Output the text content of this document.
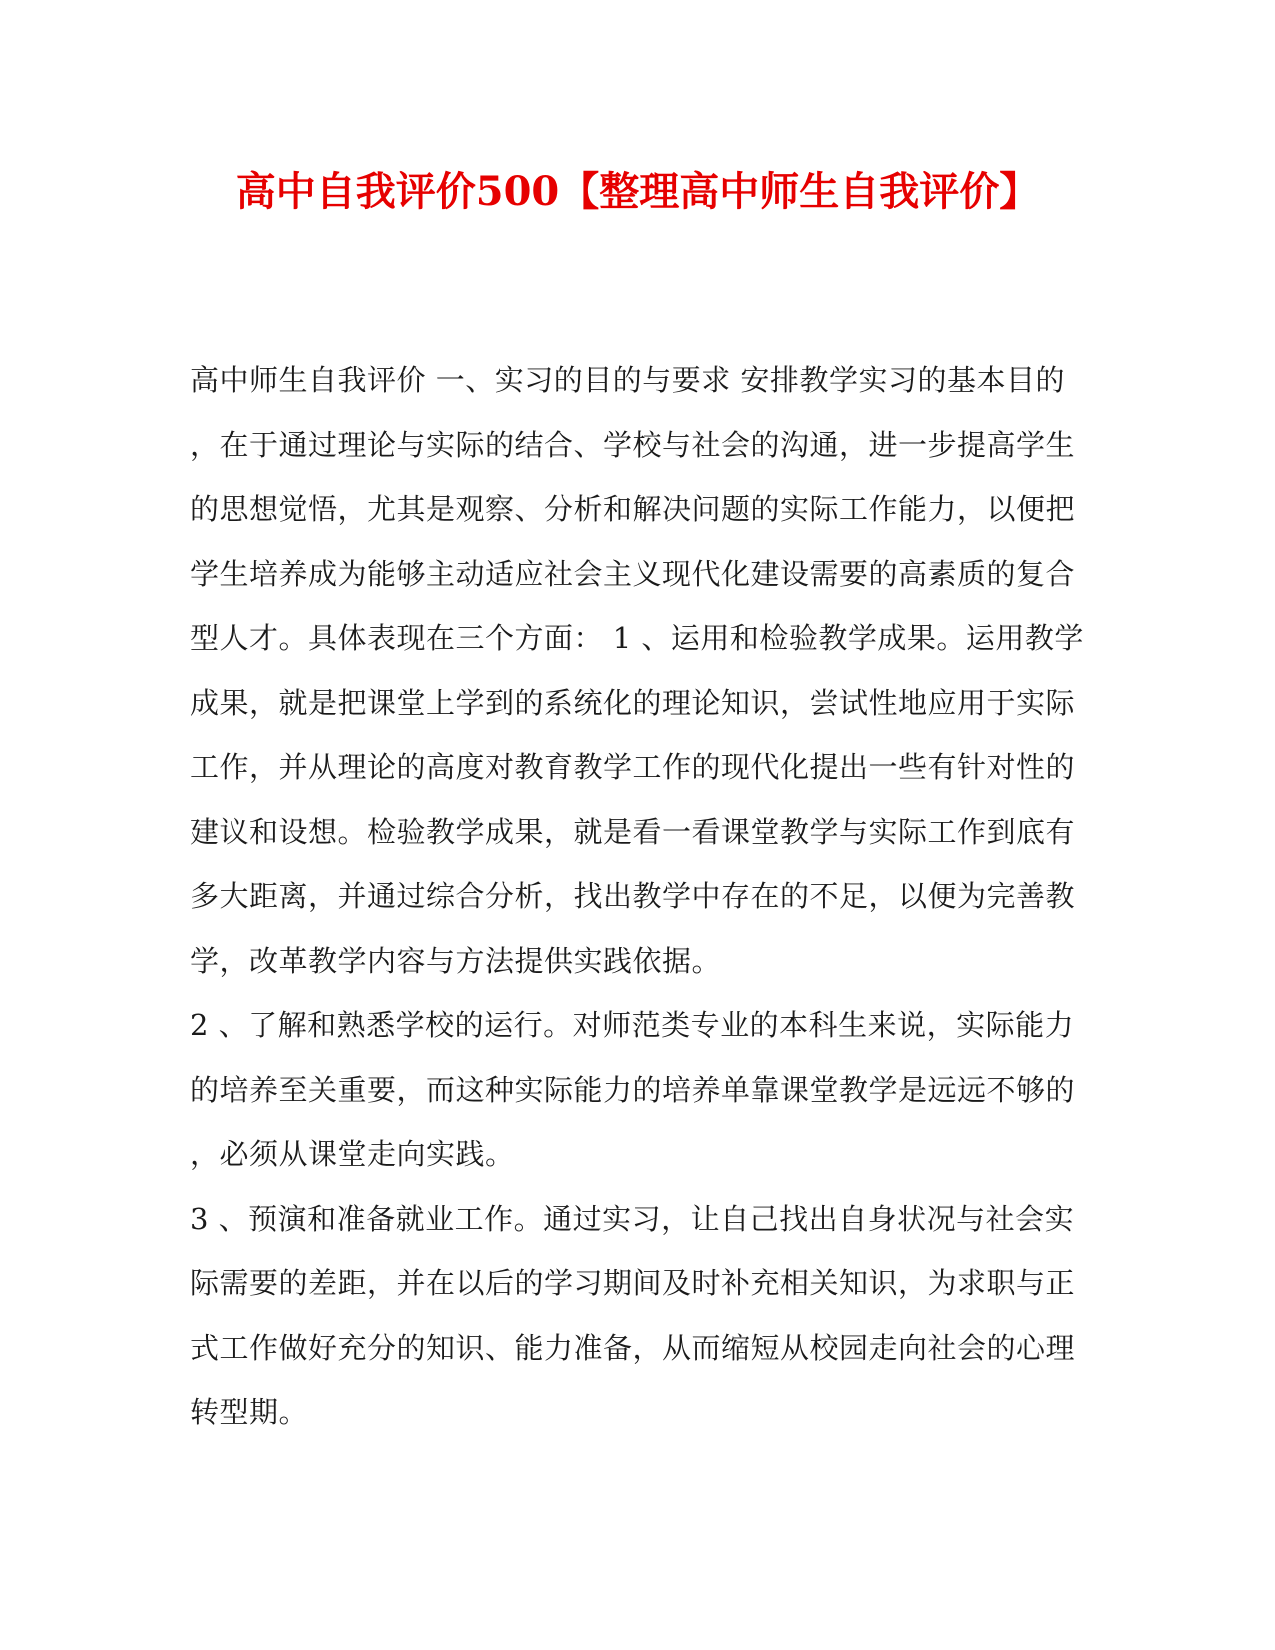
高中自我评价500【整理高中师生自我评价】
高中师生自我评价 一、实习的目的与要求 安排教学实习的基本目的
，在于通过理论与实际的结合、学校与社会的沟通，进一步提高学生
的思想觉悟，尤其是观察、分析和解决问题的实际工作能力，以便把
学生培养成为能够主动适应社会主义现代化建设需要的高素质的复合
型人才。具体表现在三个方面： 1 、运用和检验教学成果。运用教学
成果，就是把课堂上学到的系统化的理论知识，尝试性地应用于实际
工作，并从理论的高度对教育教学工作的现代化提出一些有针对性的
建议和设想。检验教学成果，就是看一看课堂教学与实际工作到底有
多大距离，并通过综合分析，找出教学中存在的不足，以便为完善教
学，改革教学内容与方法提供实践依据。
2 、了解和熟悉学校的运行。对师范类专业的本科生来说，实际能力
的培养至关重要，而这种实际能力的培养单靠课堂教学是远远不够的
，必须从课堂走向实践。
3 、预演和准备就业工作。通过实习，让自己找出自身状况与社会实
际需要的差距，并在以后的学习期间及时补充相关知识，为求职与正
式工作做好充分的知识、能力准备，从而缩短从校园走向社会的心理
转型期。
